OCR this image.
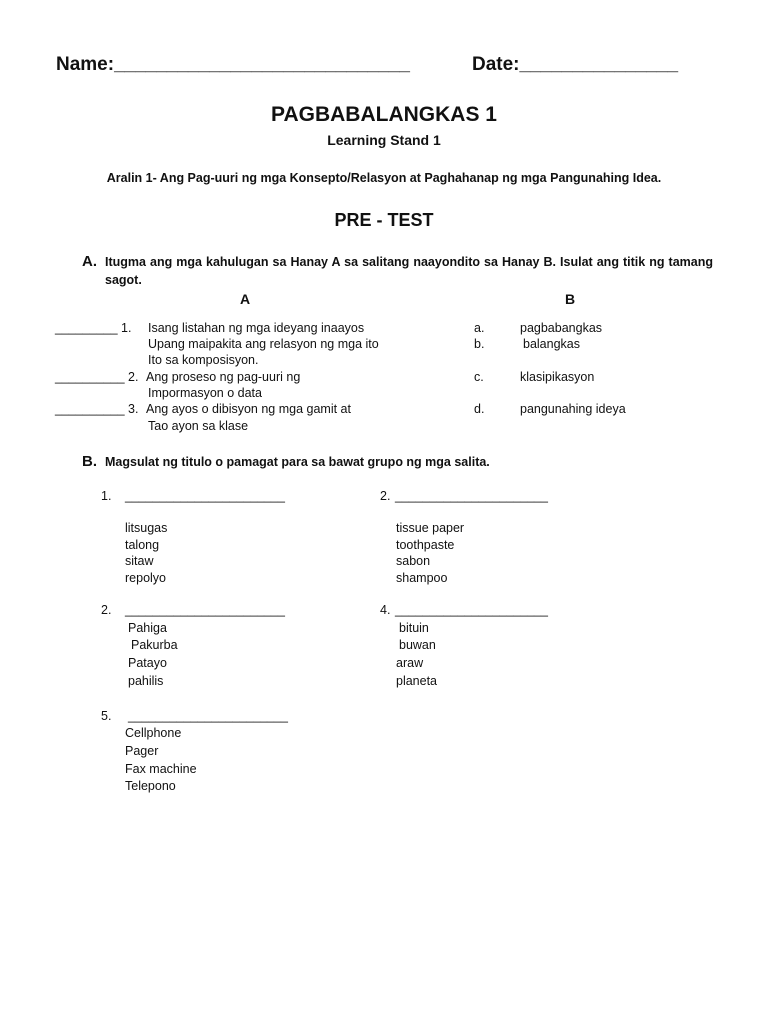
Name:____________________________	Date:_______________
PAGBABALANGKAS 1
Learning Stand 1
Aralin 1- Ang Pag-uuri ng mga Konsepto/Relasyon at Paghahanap ng mga Pangunahing Idea.
PRE - TEST
A. Itugma ang mga kahulugan sa Hanay A sa salitang naayondito sa Hanay B. Isulat ang titik ng tamang
sagot.
A	B
_________ 1. Isang listahan ng mga ideyang inaayos
Upang maipakita ang relasyon ng mga ito
Ito sa komposisyon.
__________ 2. Ang proseso ng pag-uuri ng
Impormasyon o data
__________ 3. Ang ayos o dibisyon ng mga gamit at
Tao ayon sa klase
a.	pagbabangkas
b.	balangkas
c.	klasipikasyon
d.	pangunahing ideya
B. Magsulat ng titulo o pamagat para sa bawat grupo ng mga salita.
1. _______________________
litsugas
talong
sitaw
repolyo
2. ______________________
tissue paper
toothpaste
sabon
shampoo
2. _______________________
Pahiga
Pakurba
Patayo
pahilis
4. ______________________
bituin
buwan
araw
planeta
5. _______________________
Cellphone
Pager
Fax machine
Telepono
